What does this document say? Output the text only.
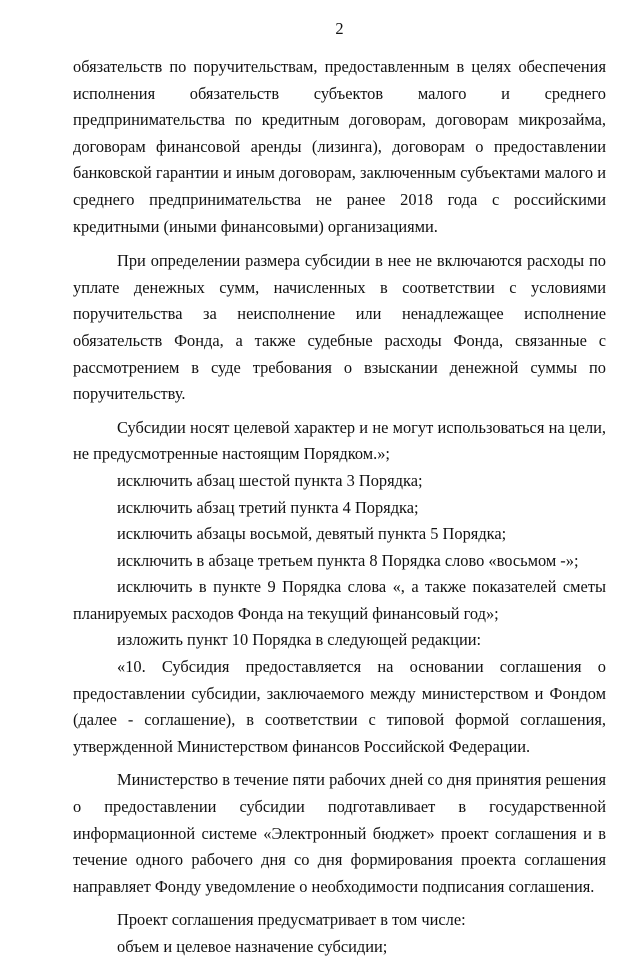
2

обязательств по поручительствам, предоставленным в целях обеспечения исполнения обязательств субъектов малого и среднего предпринимательства по кредитным договорам, договорам микрозайма, договорам финансовой аренды (лизинга), договорам о предоставлении банковской гарантии и иным договорам, заключенным субъектами малого и среднего предпринимательства не ранее 2018 года с российскими кредитными (иными финансовыми) организациями.

При определении размера субсидии в нее не включаются расходы по уплате денежных сумм, начисленных в соответствии с условиями поручительства за неисполнение или ненадлежащее исполнение обязательств Фонда, а также судебные расходы Фонда, связанные с рассмотрением в суде требования о взыскании денежной суммы по поручительству.

Субсидии носят целевой характер и не могут использоваться на цели, не предусмотренные настоящим Порядком.»;

исключить абзац шестой пункта 3 Порядка;

исключить абзац третий пункта 4 Порядка;

исключить абзацы восьмой, девятый пункта 5 Порядка;

исключить в абзаце третьем пункта 8 Порядка слово «восьмом -»;

исключить в пункте 9 Порядка слова «, а также показателей сметы планируемых расходов Фонда на текущий финансовый год»;

изложить пункт 10 Порядка в следующей редакции:

«10. Субсидия предоставляется на основании соглашения о предоставлении субсидии, заключаемого между министерством и Фондом (далее - соглашение), в соответствии с типовой формой соглашения, утвержденной Министерством финансов Российской Федерации.

Министерство в течение пяти рабочих дней со дня принятия решения о предоставлении субсидии подготавливает в государственной информационной системе «Электронный бюджет» проект соглашения и в течение одного рабочего дня со дня формирования проекта соглашения направляет Фонду уведомление о необходимости подписания соглашения.

Проект соглашения предусматривает в том числе:

объем и целевое назначение субсидии;
